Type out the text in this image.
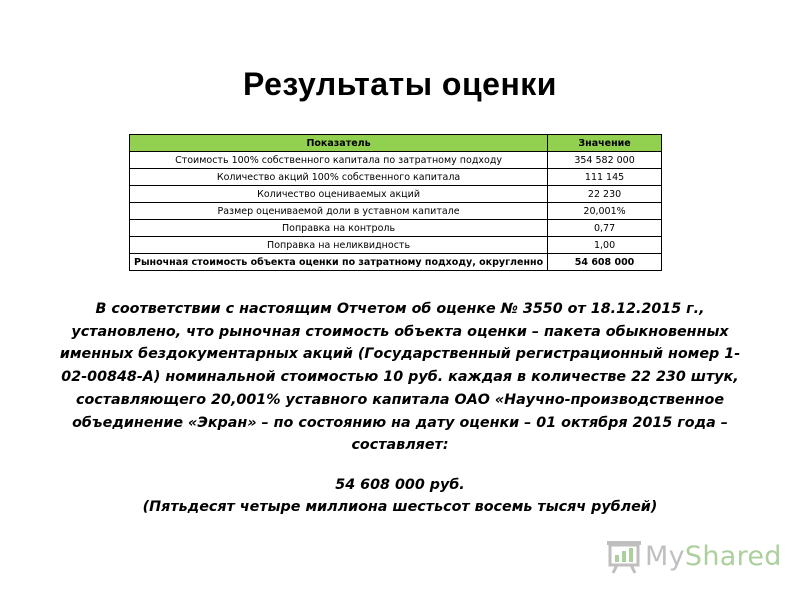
Результаты оценки
Показатель	Значение
Стоимость 100% собственного капитала по затратному подходу	354 582 000
Количество акций 100% собственного капитала	111 145
Количество оцениваемых акций	22 230
Размер оцениваемой доли в уставном капитале	20,001%
Поправка на контроль	0,77
Поправка на неликвидность	1,00
Рыночная стоимость объекта оценки по затратному подходу, округленно	54 608 000

В соответствии с настоящим Отчетом об оценке № 3550 от 18.12.2015 г., установлено, что рыночная стоимость объекта оценки – пакета обыкновенных именных бездокументарных акций (Государственный регистрационный номер 1-02-00848-А) номинальной стоимостью 10 руб. каждая в количестве 22 230 штук, составляющего 20,001% уставного капитала ОАО «Научно-производственное объединение «Экран» – по состоянию на дату оценки – 01 октября 2015 года – составляет:

54 608 000 руб.
(Пятьдесят четыре миллиона шестьсот восемь тысяч рублей)
MyShared
